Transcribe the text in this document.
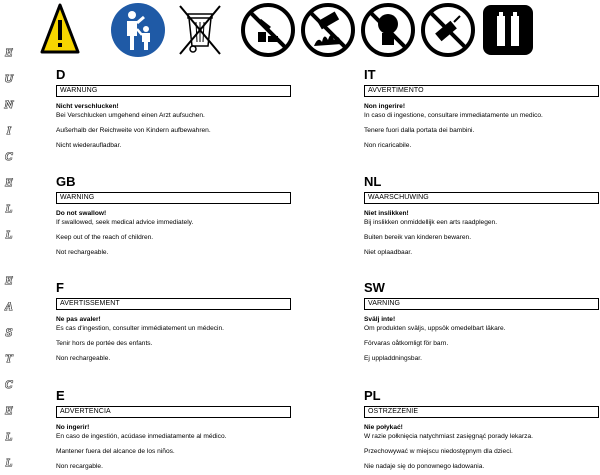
E
U
N
I
C
E
L
L
E
A
S
T
C
E
L
L
D
WARNUNG
Nicht verschlucken!
Bei Verschlucken umgehend einen Arzt aufsuchen.
Außerhalb der Reichweite von Kindern aufbewahren.
Nicht wiederaufladbar.
IT
AVVERTIMENTO
Non ingerire!
In caso di ingestione, consultare immediatamente un medico.
Tenere fuori dalla portata dei bambini.
Non ricaricabile.
GB
WARNING
Do not swallow!
If swallowed, seek medical advice immediately.
Keep out of the reach of children.
Not rechargeable.
NL
WAARSCHUWING
Niet inslikken!
Bij inslikken onmiddellijk een arts raadplegen.
Buiten bereik van kinderen bewaren.
Niet oplaadbaar.
F
AVERTISSEMENT
Ne pas avaler!
Es cas d'ingestion, consulter immédiatement un médecin.
Tenir hors de portée des enfants.
Non rechargeable.
SW
VARNING
Svälj inte!
Om produkten sväljs, uppsök omedelbart läkare.
Förvaras oåtkomligt för barn.
Ej uppladdningsbar.
E
ADVERTENCIA
No ingerir!
En caso de ingestión, acúdase inmediatamente al médico.
Mantener fuera del alcance de los niños.
Non recargable.
PL
OSTRZEŻENIE
Nie połykać!
W razie połknięcia natychmiast zasięgnąć porady lekarza.
Przechowywać w miejscu niedostępnym dla dzieci.
Nie nadaje się do ponownego ładowania.
